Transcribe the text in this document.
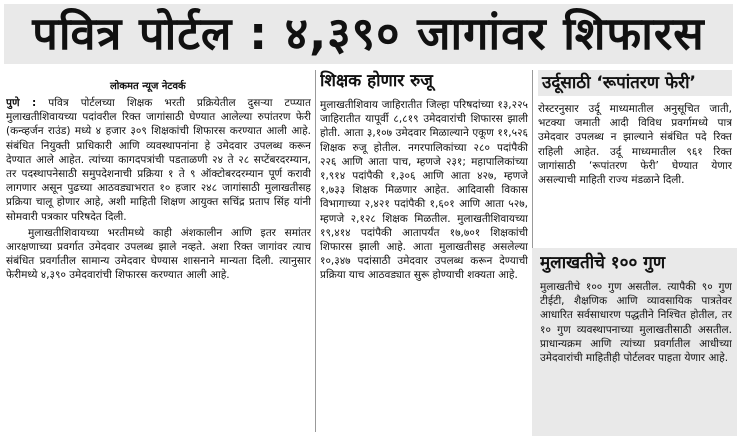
पवित्र पोर्टल : ४,३९० जागांवर शिफारस
लोकमत न्यूज नेटवर्क

पुणे : पवित्र पोर्टलच्या शिक्षक भरती प्रक्रियेतील दुसऱ्या टप्प्यात मुलाखतीशिवायच्या पदांवरील रिक्त जागांसाठी घेण्यात आलेल्या रुपांतरण फेरी (कन्व्हर्जन राउंड) मध्ये ४ हजार ३०९ शिक्षकांची शिफारस करण्यात आली आहे. संबंधित नियुक्ती प्राधिकारी आणि व्यवस्थापनांना हे उमेदवार उपलब्ध करून देण्यात आले आहेत. त्यांच्या कागदपत्रांची पडताळणी २४ ते २८ सप्टेंबरदरम्यान, तर पदस्थापनेसाठी समुपदेशनाची प्रक्रिया १ ते ९ ऑक्टोबरदरम्यान पूर्ण करावी लागणार असून पुढच्या आठवड्याभरात १० हजार २४८ जागांसाठी मुलाखतीसह प्रक्रिया चालू होणार आहे, अशी माहिती शिक्षण आयुक्त सचिंद्र प्रताप सिंह यांनी सोमवारी पत्रकार परिषदेत दिली.

मुलाखतीशिवायच्या भरतीमध्ये काही अंशकालीन आणि इतर समांतर आरक्षणाच्या प्रवर्गात उमेदवार उपलब्ध झाले नव्हते. अशा रिक्त जागांवर त्याच संबंधित प्रवर्गातील सामान्य उमेदवार घेण्यास शासनाने मान्यता दिली. त्यानुसार फेरीमध्ये ४,३९० उमेदवारांची शिफारस करण्यात आली आहे.

शिक्षक होणार रुजू

मुलाखतीशिवाय जाहिरातीत जिल्हा परिषदांच्या १३,२२५ जाहिरातीत यापूर्वी ८,८१९ उमेदवारांची शिफारस झाली होती. आता ३,१०७ उमेदवार मिळाल्याने एकूण ११,५२६ शिक्षक रुजू होतील. नगरपालिकांच्या २८० पदांपैकी २२६ आणि आता पाच, म्हणजे २३१; महापालिकांच्या १,९१४ पदांपैकी १,३०६ आणि आता ४२७, म्हणजे १,७३३ शिक्षक मिळणार आहेत. आदिवासी विकास विभागाच्या २,४२१ पदांपैकी १,६०१ आणि आता ५२७, म्हणजे २,१२८ शिक्षक मिळतील. मुलाखतीशिवायच्या १९,४१४ पदांपैकी आतापर्यंत १७,७०१ शिक्षकांची शिफारस झाली आहे. आता मुलाखतीसह असलेल्या १०,३४७ पदांसाठी उमेदवार उपलब्ध करून देण्याची प्रक्रिया याच आठवड्यात सुरू होण्याची शक्यता आहे.

उर्दूसाठी ‘रूपांतरण फेरी’

रोस्टरनुसार उर्दू माध्यमातील अनुसूचित जाती, भटक्या जमाती आदी विविध प्रवर्गामध्ये पात्र उमेदवार उपलब्ध न झाल्याने संबंधित पदे रिक्त राहिली आहेत. उर्दू माध्यमातील ९६१ रिक्त जागांसाठी ‘रूपांतरण फेरी’ घेण्यात येणार असल्याची माहिती राज्य मंडळाने दिली.

मुलाखतीचे १०० गुण

मुलाखतीचे १०० गुण असतील. त्यापैकी ९० गुण टीईटी, शैक्षणिक आणि व्यावसायिक पात्रतेवर आधारित सर्वसाधारण पद्धतीने निश्चित होतील, तर १० गुण व्यवस्थापनाच्या मुलाखतीसाठी असतील. प्राधान्यक्रम आणि त्यांच्या प्रवर्गातील आधीच्या उमेदवारांची माहितीही पोर्टलवर पाहता येणार आहे.
